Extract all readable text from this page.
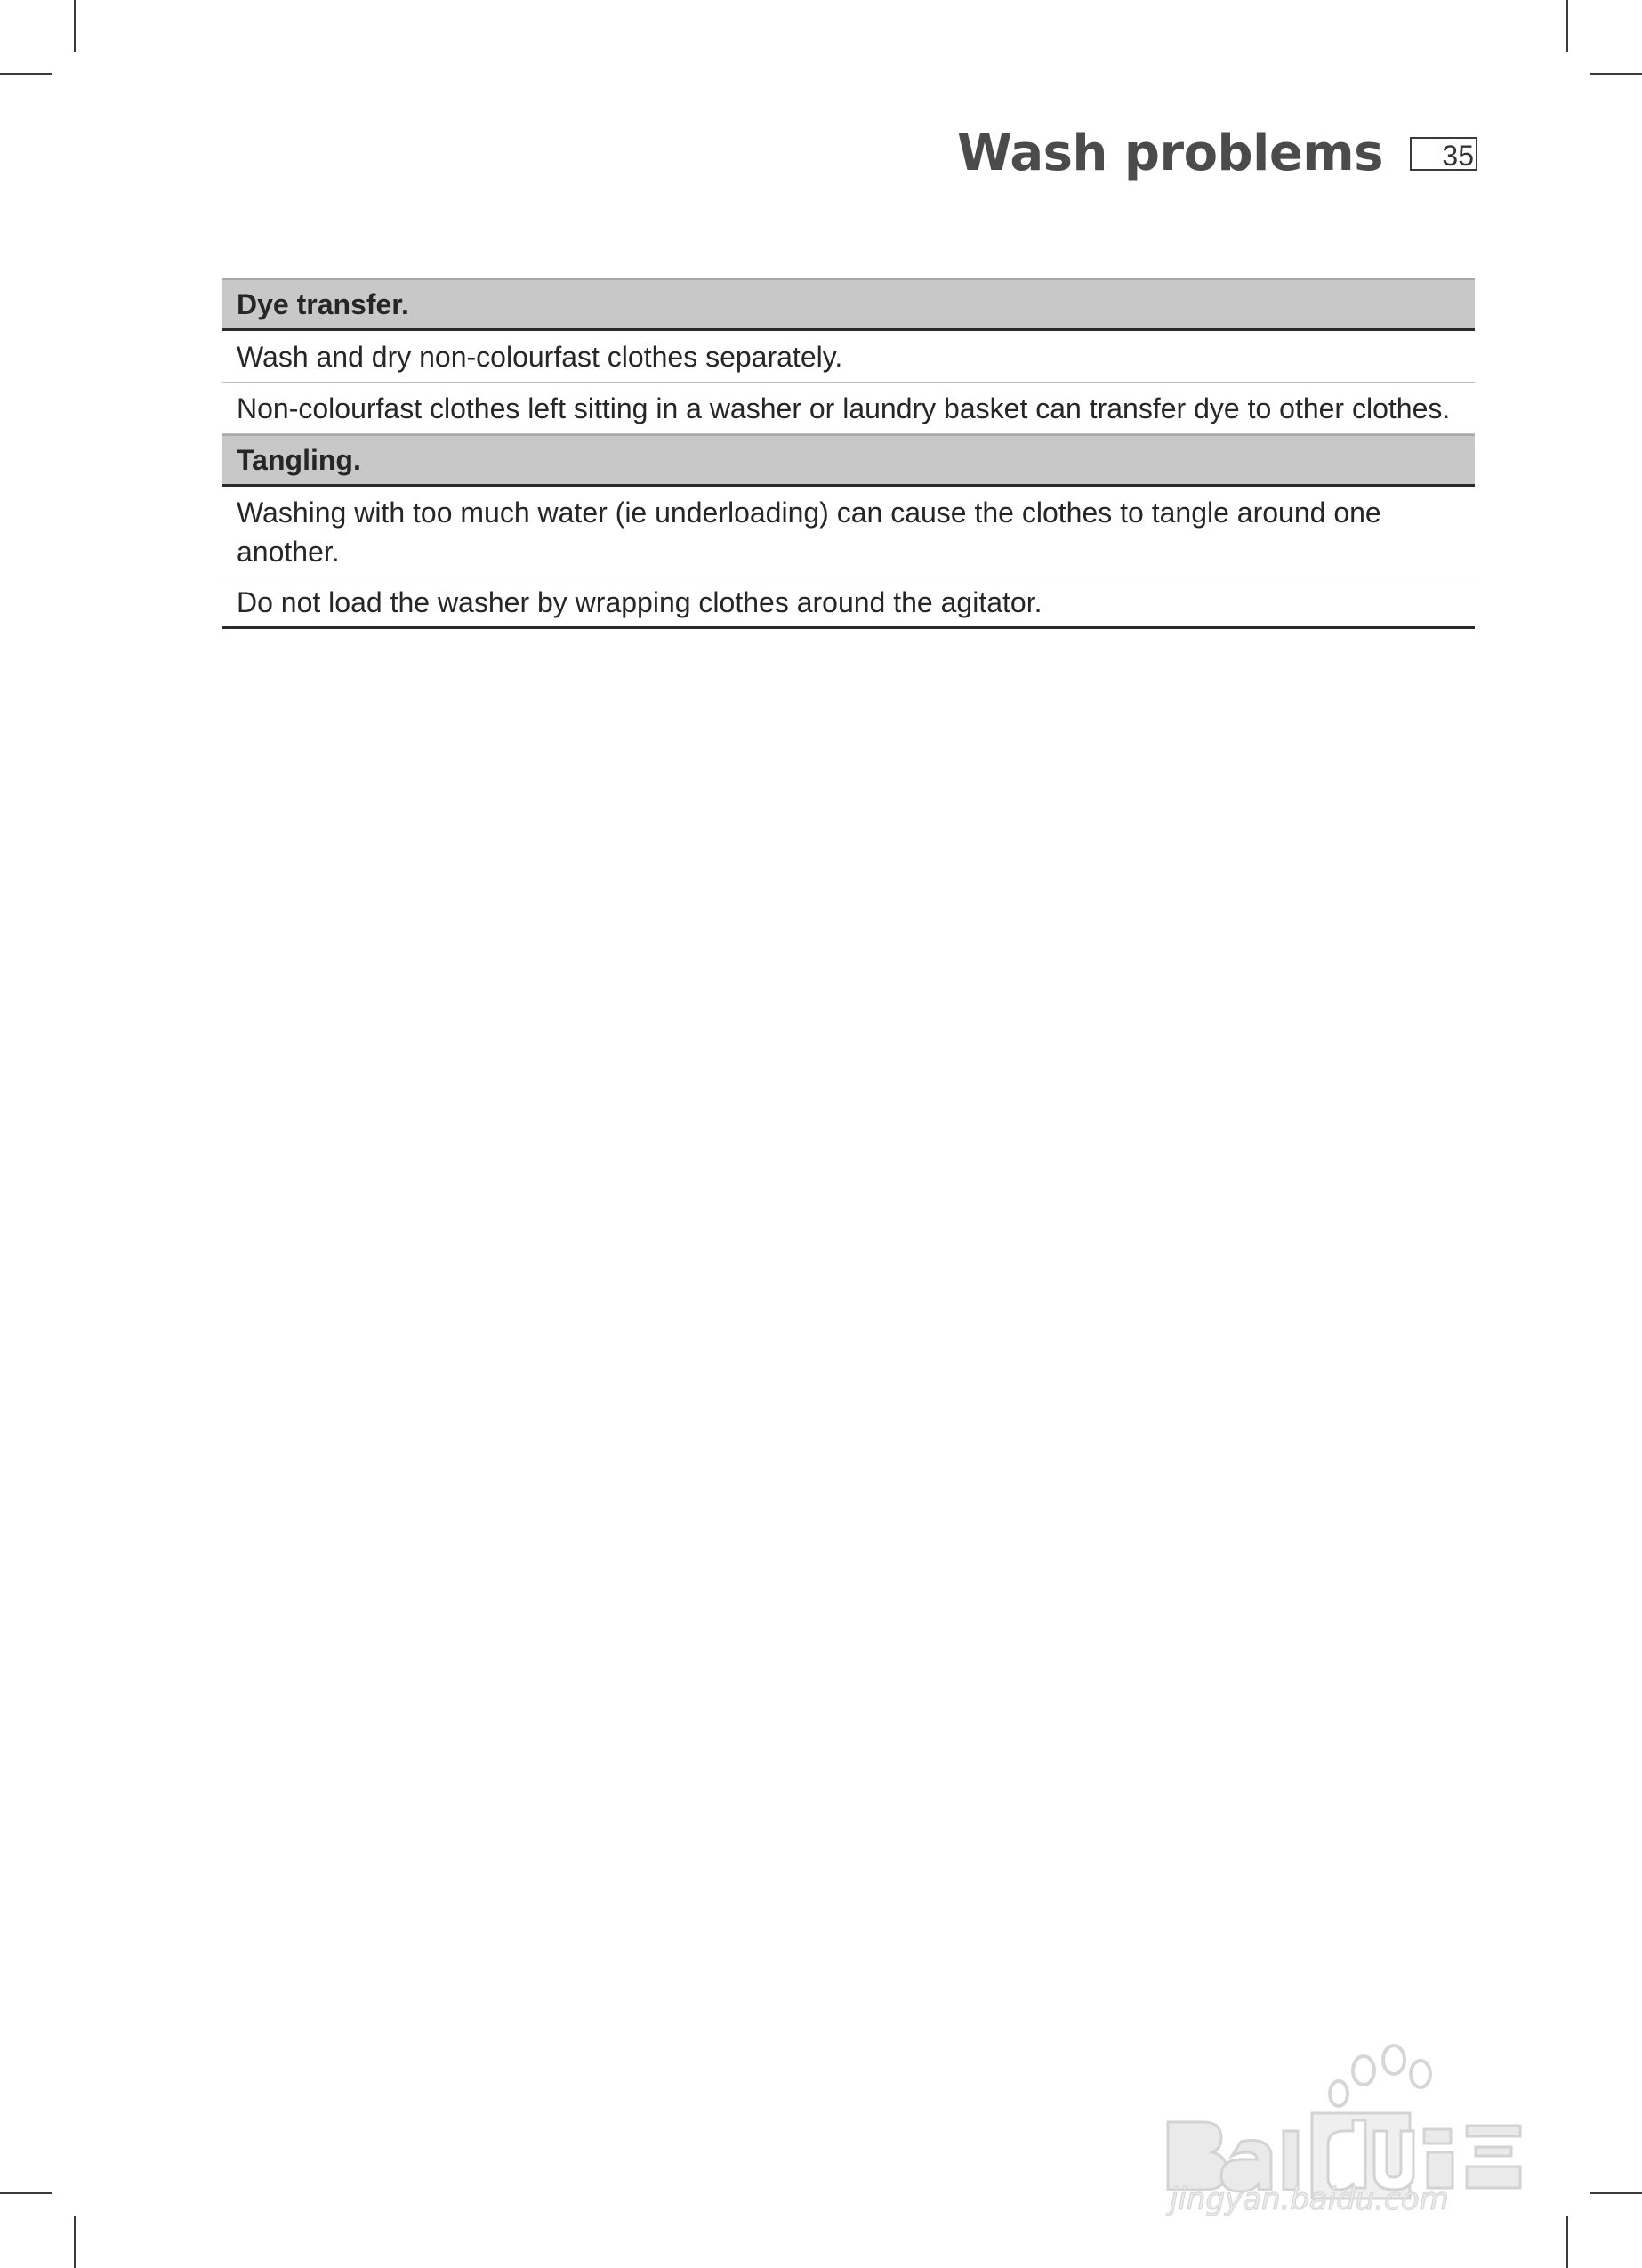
Wash problems	35
Dye transfer.
Wash and dry non-colourfast clothes separately.
Non-colourfast clothes left sitting in a washer or laundry basket can transfer dye to other clothes.
Tangling.
Washing with too much water (ie underloading) can cause the clothes to tangle around one another.
Do not load the washer by wrapping clothes around the agitator.
jingyan.baidu.com
